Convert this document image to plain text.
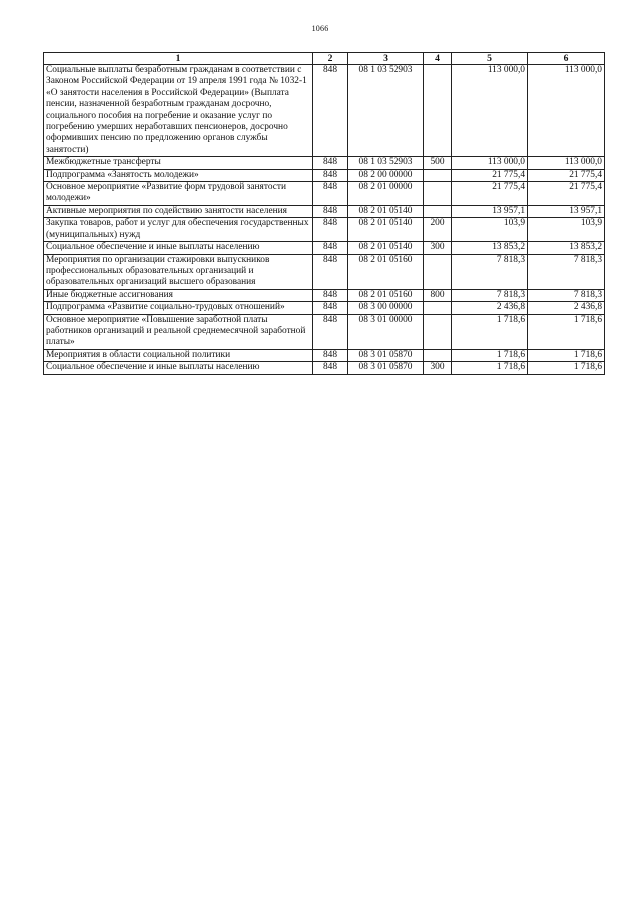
1066
1	2	3	4	5	6
Социальные выплаты безработным гражданам в соответствии с Законом Российской Федерации от 19 апреля 1991 года № 1032-1 «О занятости населения в Российской Федерации» (Выплата пенсии, назначенной безработным гражданам досрочно, социального пособия на погребение и оказание услуг по погребению умерших неработавших пенсионеров, досрочно оформивших пенсию по предложению органов службы занятости)	848	08 1 03 52903		113 000,0	113 000,0
Межбюджетные трансферты	848	08 1 03 52903	500	113 000,0	113 000,0
Подпрограмма «Занятость молодежи»	848	08 2 00 00000		21 775,4	21 775,4
Основное мероприятие «Развитие форм трудовой занятости молодежи»	848	08 2 01 00000		21 775,4	21 775,4
Активные мероприятия по содействию занятости населения	848	08 2 01 05140		13 957,1	13 957,1
Закупка товаров, работ и услуг для обеспечения государственных (муниципальных) нужд	848	08 2 01 05140	200	103,9	103,9
Социальное обеспечение и иные выплаты населению	848	08 2 01 05140	300	13 853,2	13 853,2
Мероприятия по организации стажировки выпускников профессиональных образовательных организаций и образовательных организаций высшего образования	848	08 2 01 05160		7 818,3	7 818,3
Иные бюджетные ассигнования	848	08 2 01 05160	800	7 818,3	7 818,3
Подпрограмма «Развитие социально-трудовых отношений»	848	08 3 00 00000		2 436,8	2 436,8
Основное мероприятие «Повышение заработной платы работников организаций и реальной среднемесячной заработной платы»	848	08 3 01 00000		1 718,6	1 718,6
Мероприятия в области социальной политики	848	08 3 01 05870		1 718,6	1 718,6
Социальное обеспечение и иные выплаты населению	848	08 3 01 05870	300	1 718,6	1 718,6
